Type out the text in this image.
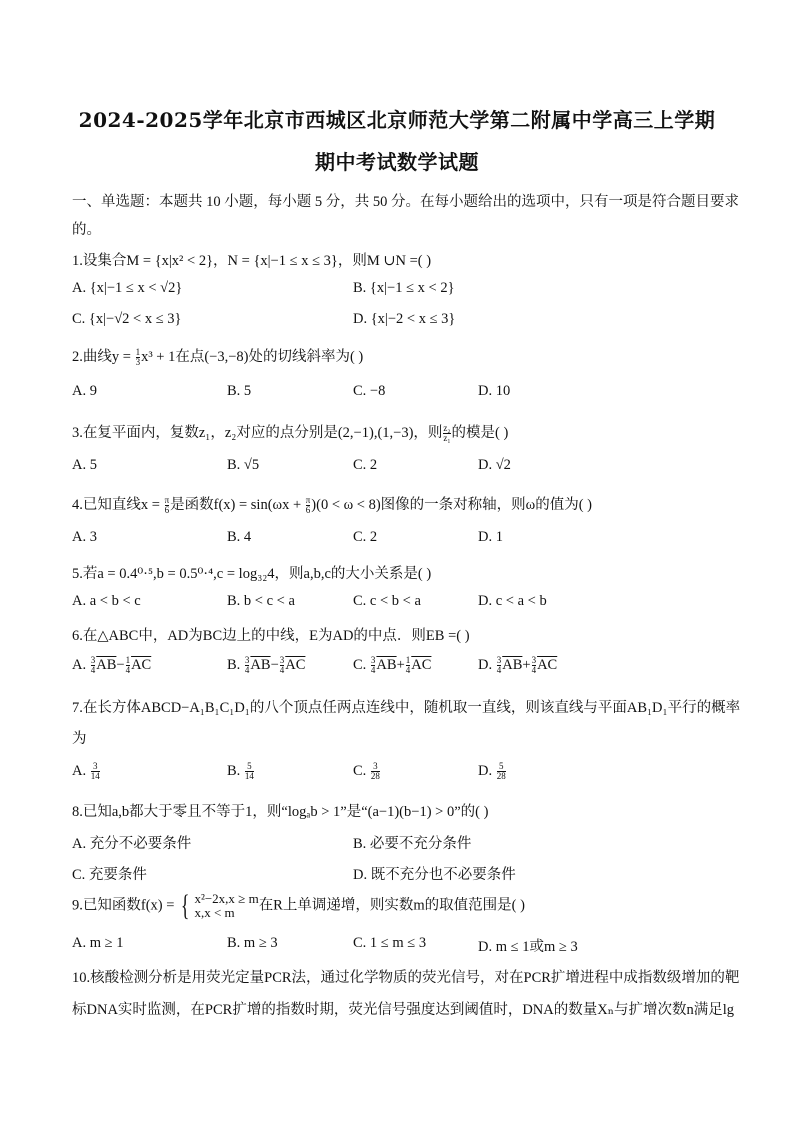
2024-2025学年北京市西城区北京师范大学第二附属中学高三上学期
期中考试数学试题
一、单选题：本题共 10 小题，每小题 5 分，共 50 分。在每小题给出的选项中，只有一项是符合题目要求
的。
1.设集合M = {x|x² < 2}，N = {x|−1 ≤ x ≤ 3}，则M ∪N =( )
A. {x|−1 ≤ x < √2}	B. {x|−1 ≤ x < 2}
C. {x|−√2 < x ≤ 3}	D. {x|−2 < x ≤ 3}
2.曲线$y = \frac{1}{3} x^3 + 1$在点(−3,−8)处的切线斜率为( )
A. 9	B. 5	C. −8	D. 10
3.在复平面内，复数z₁，z₂对应的点分别是(2,−1),(1,−3)，则 $\frac{\text{z₂}}{\text{z₁}}$ 的模是( )
A. 5	B. √5	C. 2	D. √2
4.已知直线$x = \frac{\pi}{6}$ 是函数$f(x) = \sin(\omega x + \frac{\pi}{6} )(0 < \omega < 8)$图像的一条对称轴，则ω的值为( )
A. 3	B. 4	C. 2	D. 1
5.若a = 0.4⁰·⁵,b = 0.5⁰·⁴,c = log₃₂4，则a,b,c的大小关系是( )
A. a < b < c	B. b < c < a	C. c < b < a	D. c < a < b
6.在△ABC中，AD为BC边上的中线，E为AD的中点．则EB =( )
A. $\frac{3}{4} \overline{AB}- \frac{1}{4} \overline{AC}$	B. $\frac{3}{4} \overline{AB}- \frac{3}{4} \overline{AC}$	C. $\frac{3}{4} \overline{AB}+ \frac{1}{4} \overline{AC}$	D. $\frac{3}{4} \overline{AB}+ \frac{3}{4} \overline{AC}$
7.在长方体ABCD−A₁B₁C₁D₁的八个顶点任两点连线中，随机取一直线，则该直线与平面AB₁D₁平行的概率
为
A. $\frac{3}{14}$	B. $\frac{5}{14}$	C. $\frac{3}{28}$	D. $\frac{5}{28}$
8.已知a,b都大于零且不等于1，则“logₐb > 1”是“(a−1)(b−1) > 0”的( )
A. 充分不必要条件	B. 必要不充分条件
C. 充要条件	D. 既不充分也不必要条件
9.已知函数f(x) = { x²−2x,x ≥ m
x,x < m	在R上单调递增，则实数m的取值范围是( )
A. m ≥ 1	B. m ≥ 3	C. 1 ≤ m ≤ 3	D. m ≤ 1或m ≥ 3
10.核酸检测分析是用荧光定量PCR法，通过化学物质的荧光信号，对在PCR扩增进程中成指数级增加的靶
标DNA实时监测，在PCR扩增的指数时期，荧光信号强度达到阈值时，DNA的数量Xₙ与扩增次数n满足lg
